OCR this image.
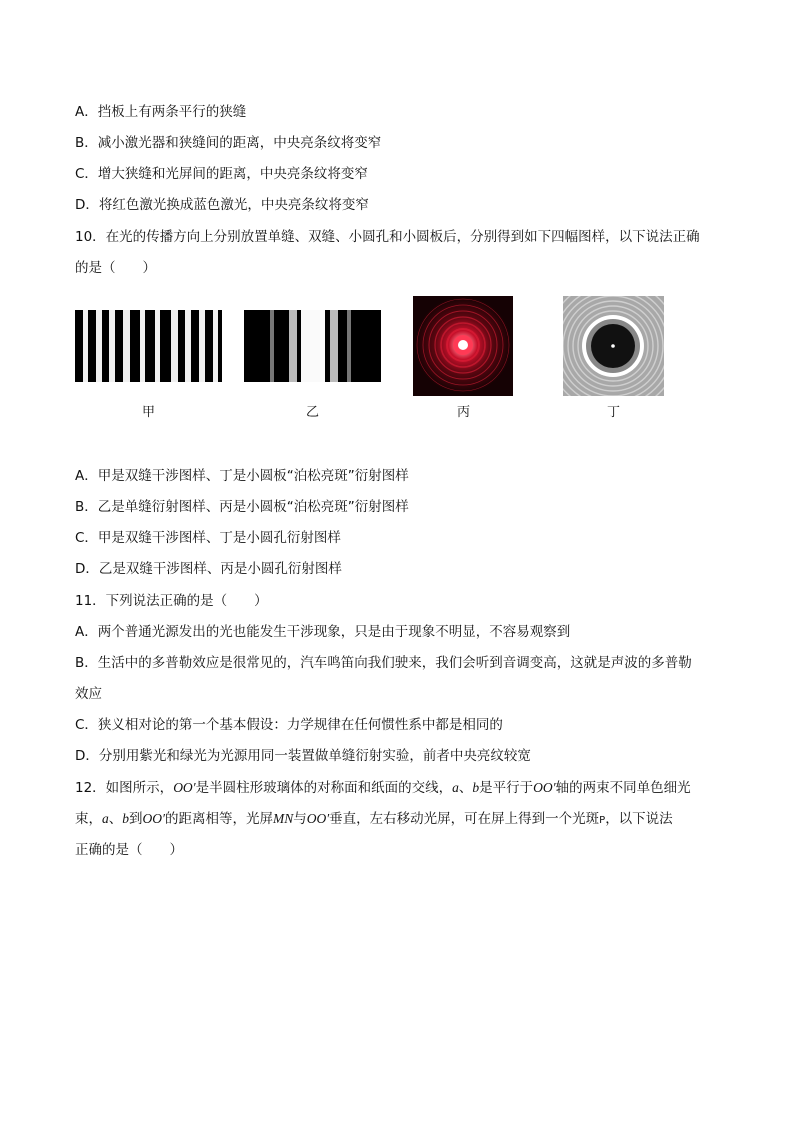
A．挡板上有两条平行的狭缝
B．减小激光器和狭缝间的距离，中央亮条纹将变窄
C．增大狭缝和光屏间的距离，中央亮条纹将变窄
D．将红色激光换成蓝色激光，中央亮条纹将变窄
10．在光的传播方向上分别放置单缝、双缝、小圆孔和小圆板后，分别得到如下四幅图样，以下说法正确
的是（　　）
甲	乙	丙	丁
A．甲是双缝干涉图样、丁是小圆板“泊松亮斑”衍射图样
B．乙是单缝衍射图样、丙是小圆板“泊松亮斑”衍射图样
C．甲是双缝干涉图样、丁是小圆孔衍射图样
D．乙是双缝干涉图样、丙是小圆孔衍射图样
11．下列说法正确的是（　　）
A．两个普通光源发出的光也能发生干涉现象，只是由于现象不明显，不容易观察到
B．生活中的多普勒效应是很常见的，汽车鸣笛向我们驶来，我们会听到音调变高，这就是声波的多普勒
效应
C．狭义相对论的第一个基本假设：力学规律在任何惯性系中都是相同的
D．分别用紫光和绿光为光源用同一装置做单缝衍射实验，前者中央亮纹较宽
12．如图所示，OO′是半圆柱形玻璃体的对称面和纸面的交线，a、b是平行于OO′轴的两束不同单色细光
束，a、b到OO′的距离相等，光屏MN与OO′垂直，左右移动光屏，可在屏上得到一个光斑P，以下说法
正确的是（　　）
